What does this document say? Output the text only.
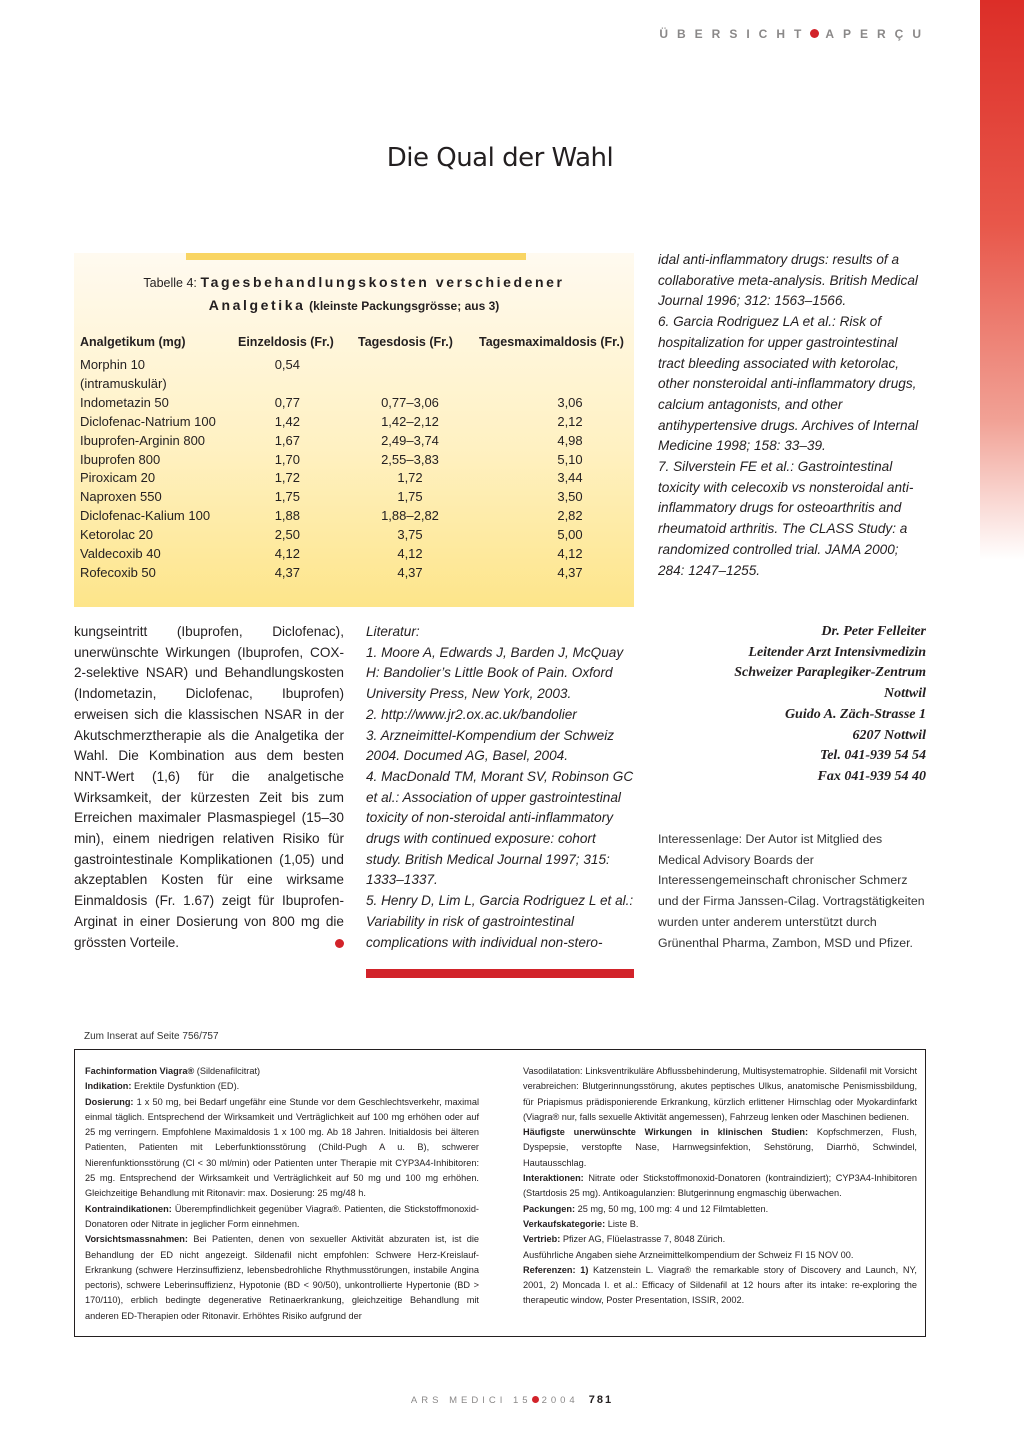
ÜBERSICHT APERÇU
Die Qual der Wahl
Tabelle 4: Tagesbehandlungskosten verschiedener
Analgetika (kleinste Packungsgrösse; aus 3)
Analgetikum (mg)	Einzeldosis (Fr.) Tagesdosis (Fr.) Tagesmaximaldosis (Fr.)
Morphin 10	0,54
(intramuskulär)
Indometazin 50	0,77	0,77–3,06	3,06
Diclofenac-Natrium 100	1,42	1,42–2,12	2,12
Ibuprofen-Arginin 800	1,67	2,49–3,74	4,98
Ibuprofen 800	1,70	2,55–3,83	5,10
Piroxicam 20	1,72	1,72	3,44
Naproxen 550	1,75	1,75	3,50
Diclofenac-Kalium 100	1,88	1,88–2,82	2,82
Ketorolac 20	2,50	3,75	5,00
Valdecoxib 40	4,12	4,12	4,12
Rofecoxib 50	4,37	4,37	4,37
kungseintritt (Ibuprofen, Diclofenac), unerwünschte Wirkungen (Ibuprofen, COX-2-selektive NSAR) und Behandlungskosten (Indometazin, Diclofenac, Ibuprofen) erweisen sich die klassischen NSAR in der Akutschmerztherapie als die Analgetika der Wahl. Die Kombination aus dem besten NNT-Wert (1,6) für die analgetische Wirksamkeit, der kürzesten Zeit bis zum Erreichen maximaler Plasmaspiegel (15–30 min), einem niedrigen relativen Risiko für gastrointestinale Komplikationen (1,05) und akzeptablen Kosten für eine wirksame Einmaldosis (Fr. 1.67) zeigt für Ibuprofen-Arginat in einer Dosierung von 800 mg die grössten Vorteile.

Literatur:

1. Moore A, Edwards J, Barden J, McQuay H: Bandolier’s Little Book of Pain. Oxford University Press, New York, 2003.

2. http://www.jr2.ox.ac.uk/bandolier

3. Arzneimittel-Kompendium der Schweiz 2004. Documed AG, Basel, 2004.

4. MacDonald TM, Morant SV, Robinson GC et al.: Association of upper gastrointestinal toxicity of non-steroidal anti-inflammatory drugs with continued exposure: cohort study. British Medical Journal 1997; 315: 1333–1337.

5. Henry D, Lim L, Garcia Rodriguez L et al.: Variability in risk of gastrointestinal complications with individual non-stero-

idal anti-inflammatory drugs: results of a collaborative meta-analysis. British Medical Journal 1996; 312: 1563–1566.

6. Garcia Rodriguez LA et al.: Risk of hospitalization for upper gastrointestinal tract bleeding associated with ketorolac, other nonsteroidal anti-inflammatory drugs, calcium antagonists, and other antihypertensive drugs. Archives of Internal Medicine 1998; 158: 33–39.

7. Silverstein FE et al.: Gastrointestinal toxicity with celecoxib vs nonsteroidal anti-inflammatory drugs for osteoarthritis and rheumatoid arthritis. The CLASS Study: a randomized controlled trial. JAMA 2000; 284: 1247–1255.

Dr. Peter Felleiter
Leitender Arzt Intensivmedizin
Schweizer Paraplegiker-Zentrum
Nottwil
Guido A. Zäch-Strasse 1
6207 Nottwil
Tel. 041-939 54 54
Fax 041-939 54 40
Interessenlage: Der Autor ist Mitglied des Medical Advisory Boards der Interessengemeinschaft chronischer Schmerz und der Firma Janssen-Cilag. Vortragstätigkeiten wurden unter anderem unterstützt durch Grünenthal Pharma, Zambon, MSD und Pfizer.
Zum Inserat auf Seite 756/757

Fachinformation Viagra® (Sildenafilcitrat)

Indikation: Erektile Dysfunktion (ED).

Dosierung: 1 x 50 mg, bei Bedarf ungefähr eine Stunde vor dem Geschlechtsverkehr, maximal einmal täglich. Entsprechend der Wirksamkeit und Verträglichkeit auf 100 mg erhöhen oder auf 25 mg verringern. Empfohlene Maximaldosis 1 x 100 mg. Ab 18 Jahren. Initialdosis bei älteren Patienten, Patienten mit Leberfunktionsstörung (Child-Pugh A u. B), schwerer Nierenfunktionsstörung (Cl < 30 ml/min) oder Patienten unter Therapie mit CYP3A4-Inhibitoren: 25 mg. Entsprechend der Wirksamkeit und Verträglichkeit auf 50 mg und 100 mg erhöhen. Gleichzeitige Behandlung mit Ritonavir: max. Dosierung: 25 mg/48 h.

Kontraindikationen: Überempfindlichkeit gegenüber Viagra®. Patienten, die Stickstoffmonoxid-Donatoren oder Nitrate in jeglicher Form einnehmen.

Vorsichtsmassnahmen: Bei Patienten, denen von sexueller Aktivität abzuraten ist, ist die Behandlung der ED nicht angezeigt. Sildenafil nicht empfohlen: Schwere Herz-Kreislauf-Erkrankung (schwere Herzinsuffizienz, lebensbedrohliche Rhythmusstörungen, instabile Angina pectoris), schwere Leberinsuffizienz, Hypotonie (BD < 90/50), unkontrollierte Hypertonie (BD > 170/110), erblich bedingte degenerative Retinaerkrankung, gleichzeitige Behandlung mit anderen ED-Therapien oder Ritonavir. Erhöhtes Risiko aufgrund der

Vasodilatation: Linksventrikuläre Abflussbehinderung, Multisystematrophie. Sildenafil mit Vorsicht verabreichen: Blutgerinnungsstörung, akutes peptisches Ulkus, anatomische Penismissbildung, für Priapismus prädisponierende Erkrankung, kürzlich erlittener Hirnschlag oder Myokardinfarkt (Viagra® nur, falls sexuelle Aktivität angemessen), Fahrzeug lenken oder Maschinen bedienen.

Häufigste unerwünschte Wirkungen in klinischen Studien: Kopfschmerzen, Flush, Dyspepsie, verstopfte Nase, Harnwegsinfektion, Sehstörung, Diarrhö, Schwindel, Hautausschlag.

Interaktionen: Nitrate oder Stickstoffmonoxid-Donatoren (kontraindiziert); CYP3A4-Inhibitoren (Startdosis 25 mg). Antikoagulanzien: Blutgerinnung engmaschig überwachen.

Packungen: 25 mg, 50 mg, 100 mg: 4 und 12 Filmtabletten.

Verkaufskategorie: Liste B.

Vertrieb: Pfizer AG, Flüelastrasse 7, 8048 Zürich.

Ausführliche Angaben siehe Arzneimittelkompendium der Schweiz FI 15 NOV 00.

Referenzen: 1) Katzenstein L. Viagra® the remarkable story of Discovery and Launch, NY, 2001, 2) Moncada I. et al.: Efficacy of Sildenafil at 12 hours after its intake: re-exploring the therapeutic window, Poster Presentation, ISSIR, 2002.

ARS MEDICI 15 2004 781
